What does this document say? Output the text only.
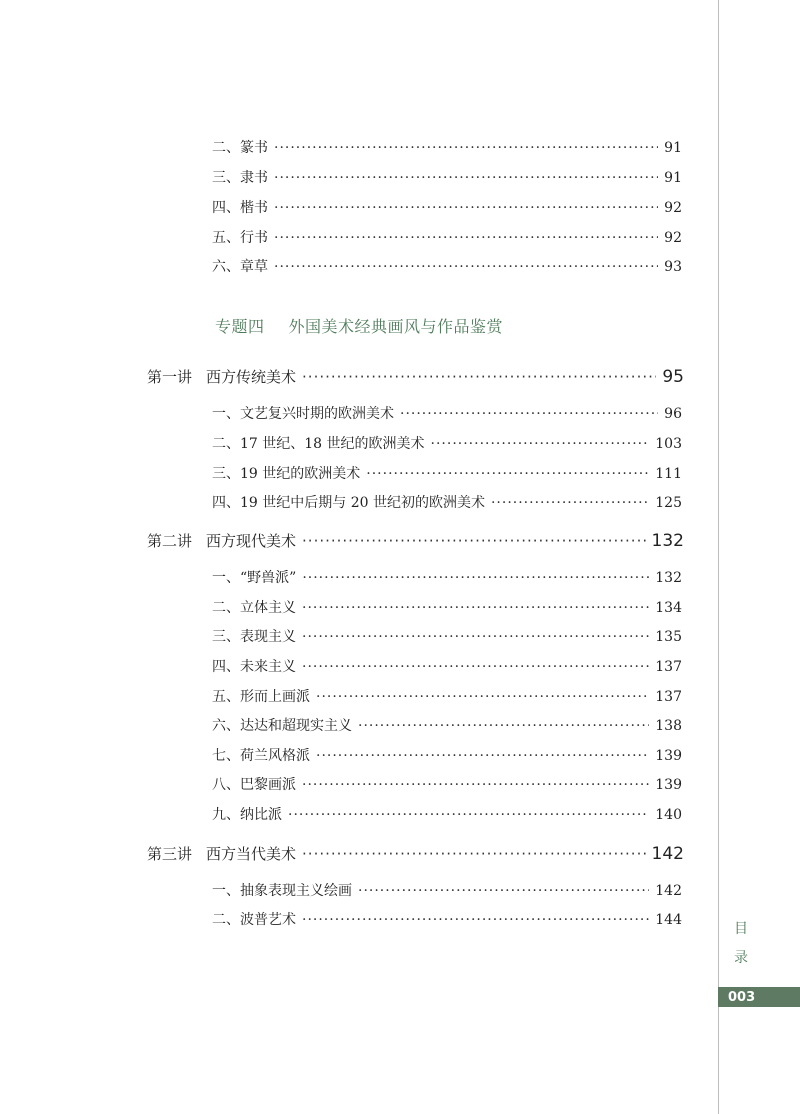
二、篆书 ·····	91
三、隶书 ·····	91
四、楷书 ·····	92
五、行书 ·····	92
六、章草 ·····	93
专题四 外国美术经典画风与作品鉴赏
第一讲 西方传统美术 ·····	95
一、文艺复兴时期的欧洲美术 ·····	96
二、17 世纪、18 世纪的欧洲美术 ·····	103
三、19 世纪的欧洲美术 ·····	111
四、19 世纪中后期与 20 世纪初的欧洲美术 ·····	125
第二讲 西方现代美术 ·····	132
一、“野兽派” ·····	132
二、立体主义 ·····	134
三、表现主义 ·····	135
四、未来主义 ·····	137
五、形而上画派 ·····	137
六、达达和超现实主义 ·····	138
七、荷兰风格派 ·····	139
八、巴黎画派 ·····	139
九、纳比派 ·····	140
第三讲 西方当代美术 ·····	142
一、抽象表现主义绘画 ·····	142
二、波普艺术 ·····	144
目
录
003
